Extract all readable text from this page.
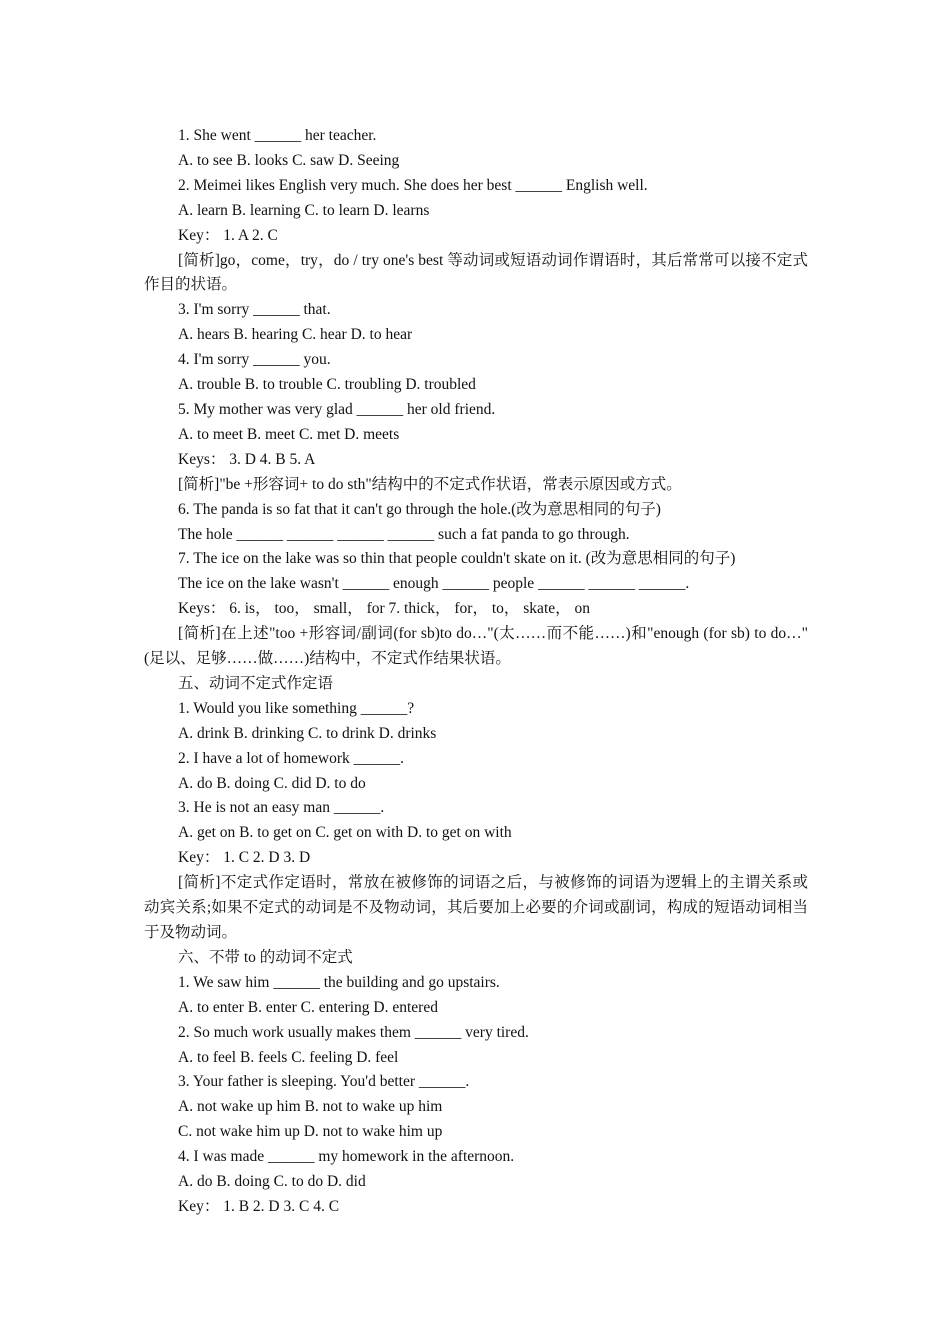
1. She went ______ her teacher.

A. to see B. looks C. saw D. Seeing

2. Meimei likes English very much. She does her best ______ English well.

A. learn B. learning C. to learn D. learns

Key： 1. A 2. C

[简析]go，come，try，do / try one's best 等动词或短语动词作谓语时，其后常常可以接不定式作目的状语。

3. I'm sorry ______ that.

A. hears B. hearing C. hear D. to hear

4. I'm sorry ______ you.

A. trouble B. to trouble C. troubling D. troubled

5. My mother was very glad ______ her old friend.

A. to meet B. meet C. met D. meets

Keys： 3. D 4. B 5. A

[简析]"be +形容词+ to do sth"结构中的不定式作状语，常表示原因或方式。

6. The panda is so fat that it can't go through the hole.(改为意思相同的句子)

The hole ______ ______ ______ ______ such a fat panda to go through.

7. The ice on the lake was so thin that people couldn't skate on it. (改为意思相同的句子)

The ice on the lake wasn't ______ enough ______ people ______ ______ ______.

Keys： 6. is， too， small， for 7. thick， for， to， skate， on

[简析]在上述"too +形容词/副词(for sb)to do…"(太……而不能……)和"enough (for sb) to do…"(足以、足够……做……)结构中，不定式作结果状语。

五、动词不定式作定语

1. Would you like something ______?

A. drink B. drinking C. to drink D. drinks

2. I have a lot of homework ______.

A. do B. doing C. did D. to do

3. He is not an easy man ______.

A. get on B. to get on C. get on with D. to get on with

Key： 1. C 2. D 3. D

[简析]不定式作定语时，常放在被修饰的词语之后，与被修饰的词语为逻辑上的主谓关系或动宾关系;如果不定式的动词是不及物动词，其后要加上必要的介词或副词，构成的短语动词相当于及物动词。

六、不带 to 的动词不定式

1. We saw him ______ the building and go upstairs.

A. to enter B. enter C. entering D. entered

2. So much work usually makes them ______ very tired.

A. to feel B. feels C. feeling D. feel

3. Your father is sleeping. You'd better ______.

A. not wake up him B. not to wake up him

C. not wake him up D. not to wake him up

4. I was made ______ my homework in the afternoon.

A. do B. doing C. to do D. did

Key： 1. B 2. D 3. C 4. C
